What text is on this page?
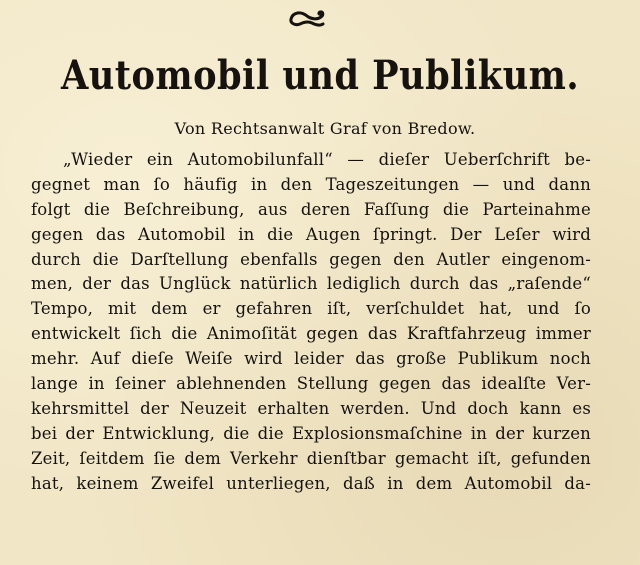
Automobil und Publikum.
Von Rechtsanwalt Graf von Bredow.
„Wieder ein Automobilunfall“ — dieſer Ueberſchrift be-
gegnet man ſo häufig in den Tageszeitungen — und dann
folgt die Beſchreibung, aus deren Faſſung die Parteinahme
gegen das Automobil in die Augen ſpringt. Der Leſer wird
durch die Darſtellung ebenfalls gegen den Autler eingenom-
men, der das Unglück natürlich lediglich durch das „raſende“
Tempo, mit dem er gefahren iſt, verſchuldet hat, und ſo
entwickelt ſich die Animoſität gegen das Kraftfahrzeug immer
mehr. Auf dieſe Weiſe wird leider das große Publikum noch
lange in ſeiner ablehnenden Stellung gegen das idealſte Ver-
kehrsmittel der Neuzeit erhalten werden. Und doch kann es
bei der Entwicklung, die die Explosionsmaſchine in der kurzen
Zeit, ſeitdem ſie dem Verkehr dienſtbar gemacht iſt, gefunden
hat, keinem Zweifel unterliegen, daß in dem Automobil da-
